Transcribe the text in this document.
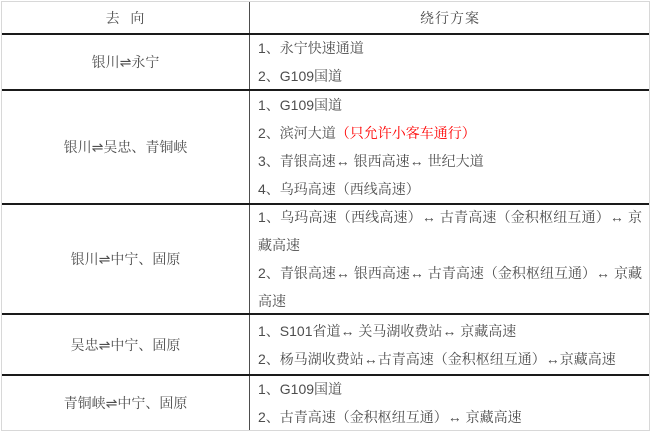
去  向	绕行方案
银川⇌永宁
1、永宁快速通道
2、G109国道
银川⇌吴忠、青铜峡
1、G109国道
2、滨河大道（只允许小客车通行）
3、青银高速↔ 银西高速↔ 世纪大道
4、乌玛高速（西线高速）
银川⇌中宁、固原
1、乌玛高速（西线高速）↔ 古青高速（金积枢纽互通）↔ 京藏高速
2、青银高速↔ 银西高速↔ 古青高速（金积枢纽互通）↔ 京藏高速
吴忠⇌中宁、固原
1、S101省道↔ 关马湖收费站↔ 京藏高速
2、杨马湖收费站↔古青高速（金积枢纽互通）↔京藏高速
青铜峡⇌中宁、固原
1、G109国道
2、古青高速（金积枢纽互通）↔ 京藏高速
